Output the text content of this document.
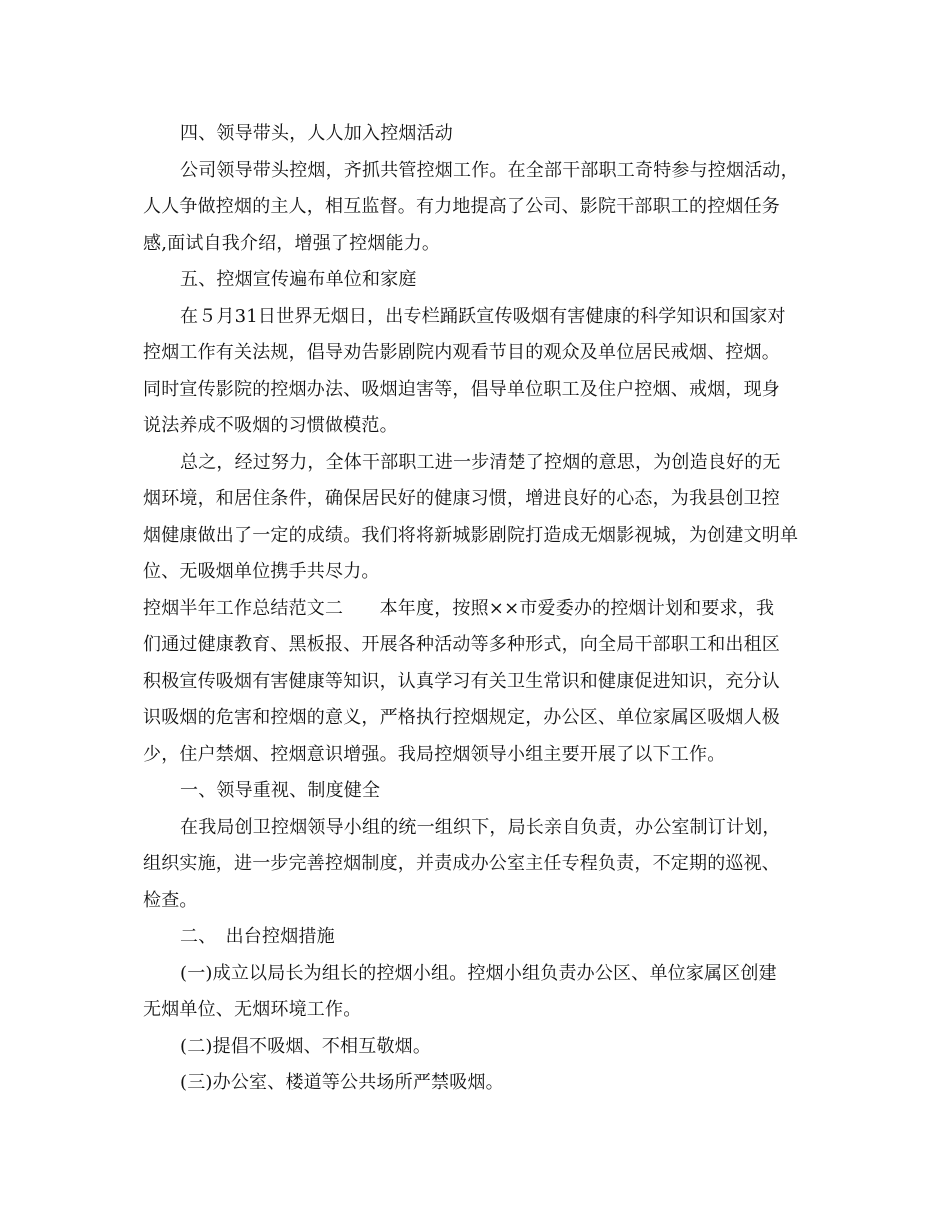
四、领导带头，人人加入控烟活动
公司领导带头控烟，齐抓共管控烟工作。在全部干部职工奇特参与控烟活动，
人人争做控烟的主人，相互监督。有力地提高了公司、影院干部职工的控烟任务
感,面试自我介绍，增强了控烟能力。
五、控烟宣传遍布单位和家庭
在５月31日世界无烟日，出专栏踊跃宣传吸烟有害健康的科学知识和国家对
控烟工作有关法规，倡导劝告影剧院内观看节目的观众及单位居民戒烟、控烟。
同时宣传影院的控烟办法、吸烟迫害等，倡导单位职工及住户控烟、戒烟，现身
说法养成不吸烟的习惯做模范。
总之，经过努力，全体干部职工进一步清楚了控烟的意思，为创造良好的无
烟环境，和居住条件，确保居民好的健康习惯，增进良好的心态，为我县创卫控
烟健康做出了一定的成绩。我们将将新城影剧院打造成无烟影视城，为创建文明单
位、无吸烟单位携手共尽力。
控烟半年工作总结范文二　　本年度，按照××市爱委办的控烟计划和要求，我
们通过健康教育、黑板报、开展各种活动等多种形式，向全局干部职工和出租区
积极宣传吸烟有害健康等知识，认真学习有关卫生常识和健康促进知识，充分认
识吸烟的危害和控烟的意义，严格执行控烟规定，办公区、单位家属区吸烟人极
少，住户禁烟、控烟意识增强。我局控烟领导小组主要开展了以下工作。
一、领导重视、制度健全
在我局创卫控烟领导小组的统一组织下，局长亲自负责，办公室制订计划，
组织实施，进一步完善控烟制度，并责成办公室主任专程负责，不定期的巡视、
检查。
二、　出台控烟措施
(一)成立以局长为组长的控烟小组。控烟小组负责办公区、单位家属区创建
无烟单位、无烟环境工作。
(二)提倡不吸烟、不相互敬烟。
(三)办公室、楼道等公共场所严禁吸烟。
